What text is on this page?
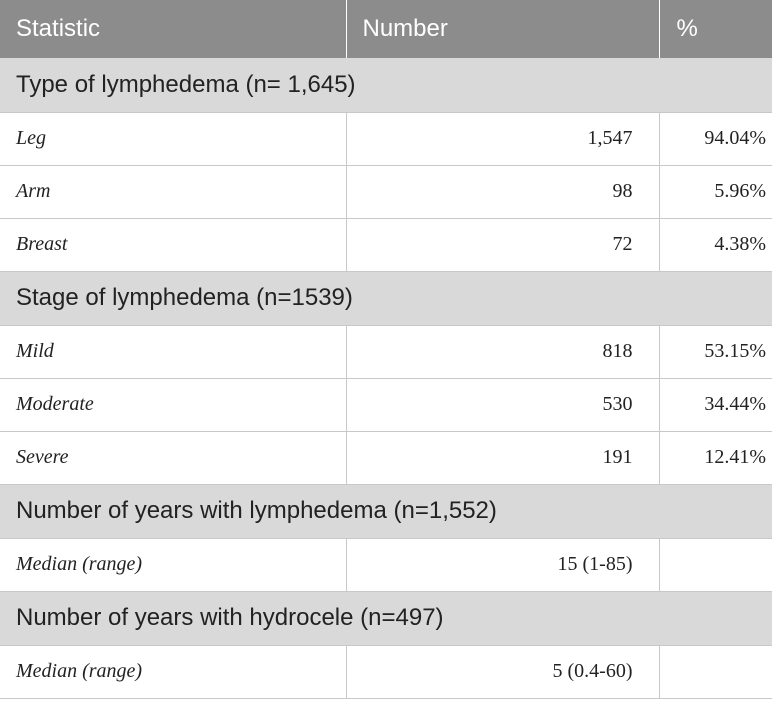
Statistic	Number	%
Type of lymphedema (n= 1,645)		
Leg	1,547	94.04%
Arm	98	5.96%
Breast	72	4.38%
Stage of lymphedema (n=1539)		
Mild	818	53.15%
Moderate	530	34.44%
Severe	191	12.41%
Number of years with lymphedema (n=1,552)		
Median (range)	15 (1-85)	
Number of years with hydrocele (n=497)		
Median (range)	5 (0.4-60)	
